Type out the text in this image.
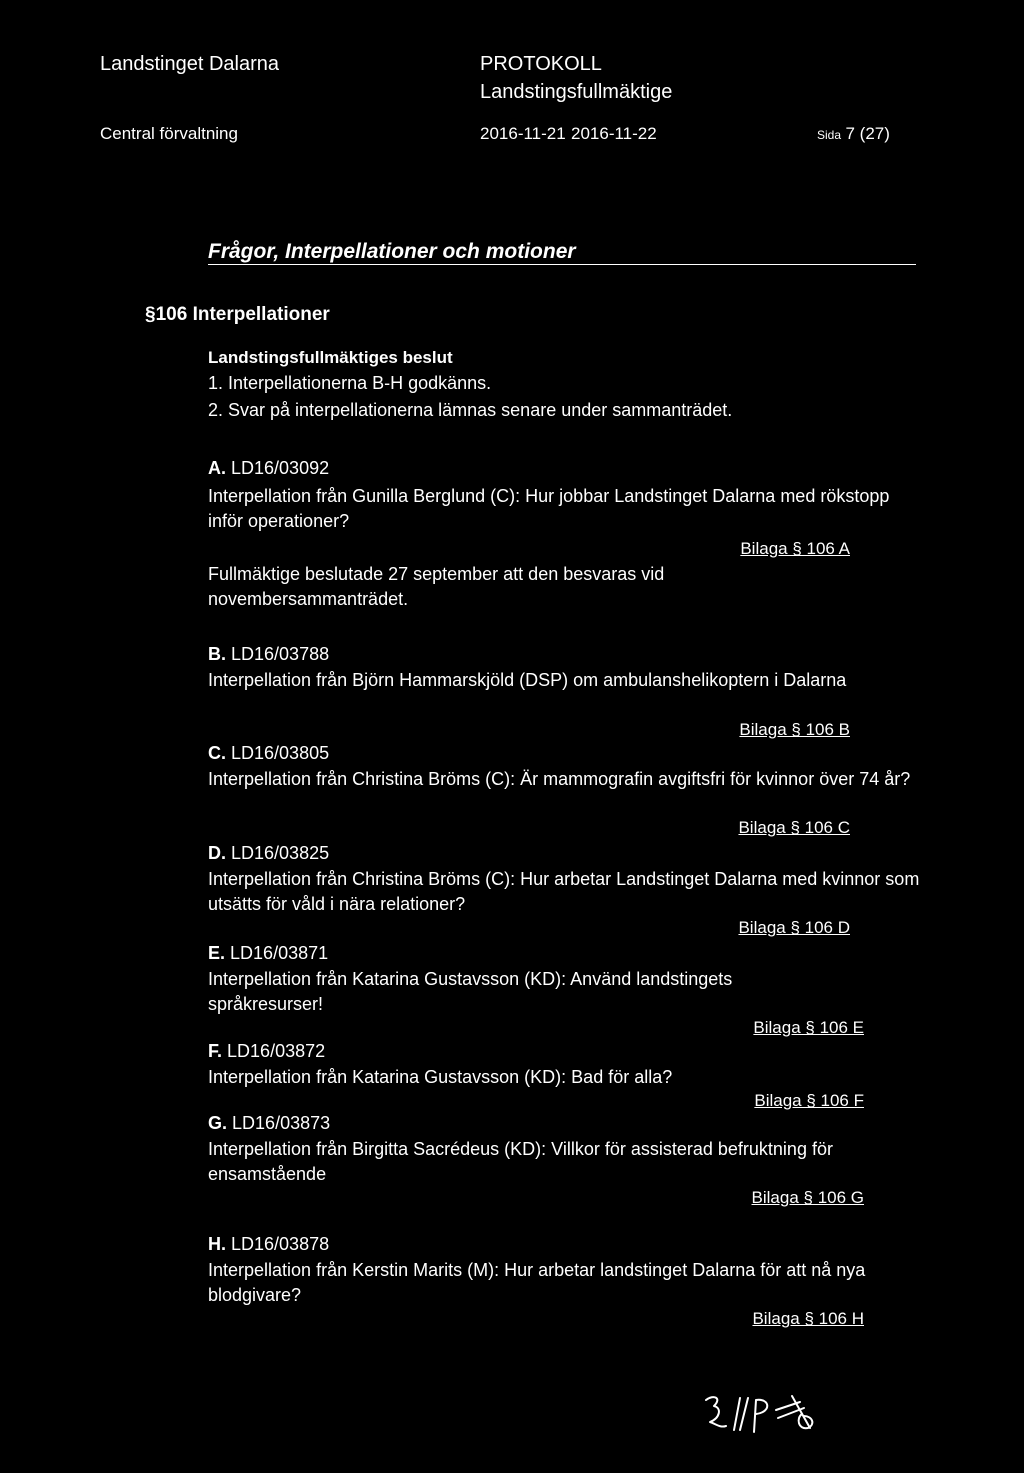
Landstinget Dalarna
Central förvaltning
PROTOKOLL
Landstingsfullmäktige
2016-11-21 2016-11-22	Sida 7 (27)
Frågor, Interpellationer och motioner
§106 Interpellationer
Landstingsfullmäktiges beslut
1. Interpellationerna B-H godkänns.
2. Svar på interpellationerna lämnas senare under sammanträdet.
A. LD16/03092
Interpellation från Gunilla Berglund (C): Hur jobbar Landstinget Dalarna med rökstopp inför operationer?
Bilaga § 106 A
Fullmäktige beslutade 27 september att den besvaras vid novembersammanträdet.
B. LD16/03788
Interpellation från Björn Hammarskjöld (DSP) om ambulanshelikoptern i Dalarna
Bilaga § 106 B
C. LD16/03805
Interpellation från Christina Bröms (C): Är mammografin avgiftsfri för kvinnor över 74 år?
Bilaga § 106 C
D. LD16/03825
Interpellation från Christina Bröms (C): Hur arbetar Landstinget Dalarna med kvinnor som utsätts för våld i nära relationer?
Bilaga § 106 D
E. LD16/03871
Interpellation från Katarina Gustavsson (KD): Använd landstingets språkresurser!
Bilaga § 106 E
F. LD16/03872
Interpellation från Katarina Gustavsson (KD): Bad för alla?
Bilaga § 106 F
G. LD16/03873
Interpellation från Birgitta Sacrédeus (KD): Villkor för assisterad befruktning för ensamstående
Bilaga § 106 G
H. LD16/03878
Interpellation från Kerstin Marits (M): Hur arbetar landstinget Dalarna för att nå nya blodgivare?
Bilaga § 106 H
